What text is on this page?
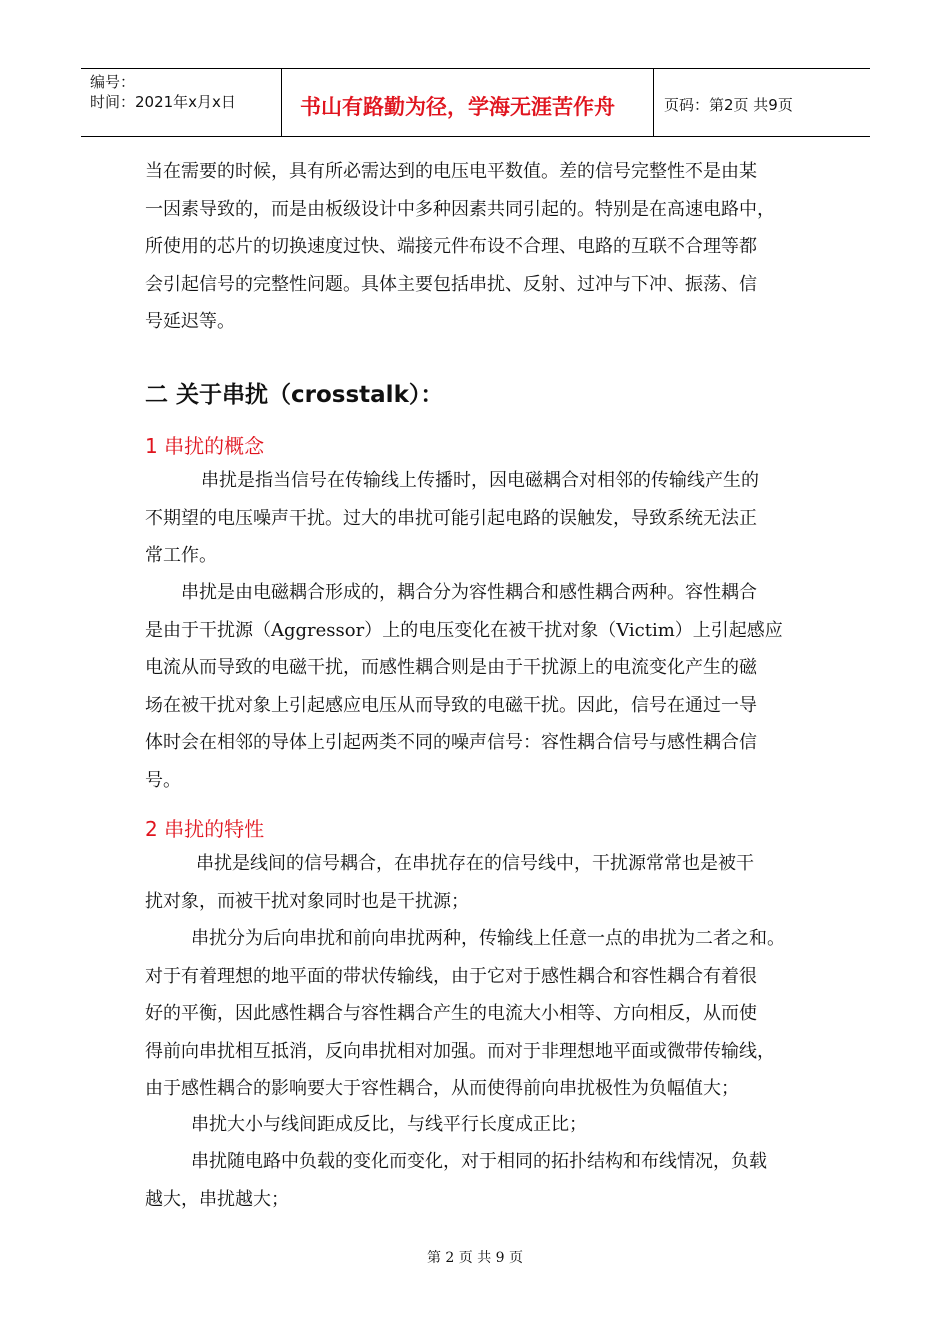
编号：
时间：2021年x月x日	书山有路勤为径，学海无涯苦作舟	页码：第2页 共9页
当在需要的时候，具有所必需达到的电压电平数值。差的信号完整性不是由某
一因素导致的，而是由板级设计中多种因素共同引起的。特别是在高速电路中，
所使用的芯片的切换速度过快、端接元件布设不合理、电路的互联不合理等都
会引起信号的完整性问题。具体主要包括串扰、反射、过冲与下冲、振荡、信
号延迟等。
二 关于串扰（crosstalk）：
1 串扰的概念
　串扰是指当信号在传输线上传播时，因电磁耦合对相邻的传输线产生的
不期望的电压噪声干扰。过大的串扰可能引起电路的误触发，导致系统无法正
常工作。
　串扰是由电磁耦合形成的，耦合分为容性耦合和感性耦合两种。容性耦合
是由于干扰源（Aggressor）上的电压变化在被干扰对象（Victim）上引起感应
电流从而导致的电磁干扰，而感性耦合则是由于干扰源上的电流变化产生的磁
场在被干扰对象上引起感应电压从而导致的电磁干扰。因此，信号在通过一导
体时会在相邻的导体上引起两类不同的噪声信号：容性耦合信号与感性耦合信
号。
2 串扰的特性
　串扰是线间的信号耦合，在串扰存在的信号线中，干扰源常常也是被干
扰对象，而被干扰对象同时也是干扰源；
　串扰分为后向串扰和前向串扰两种，传输线上任意一点的串扰为二者之和。
对于有着理想的地平面的带状传输线，由于它对于感性耦合和容性耦合有着很
好的平衡，因此感性耦合与容性耦合产生的电流大小相等、方向相反，从而使
得前向串扰相互抵消，反向串扰相对加强。而对于非理想地平面或微带传输线，
由于感性耦合的影响要大于容性耦合，从而使得前向串扰极性为负幅值大；
　串扰大小与线间距成反比，与线平行长度成正比；
　串扰随电路中负载的变化而变化，对于相同的拓扑结构和布线情况，负载
越大，串扰越大；
第 2 页 共 9 页
